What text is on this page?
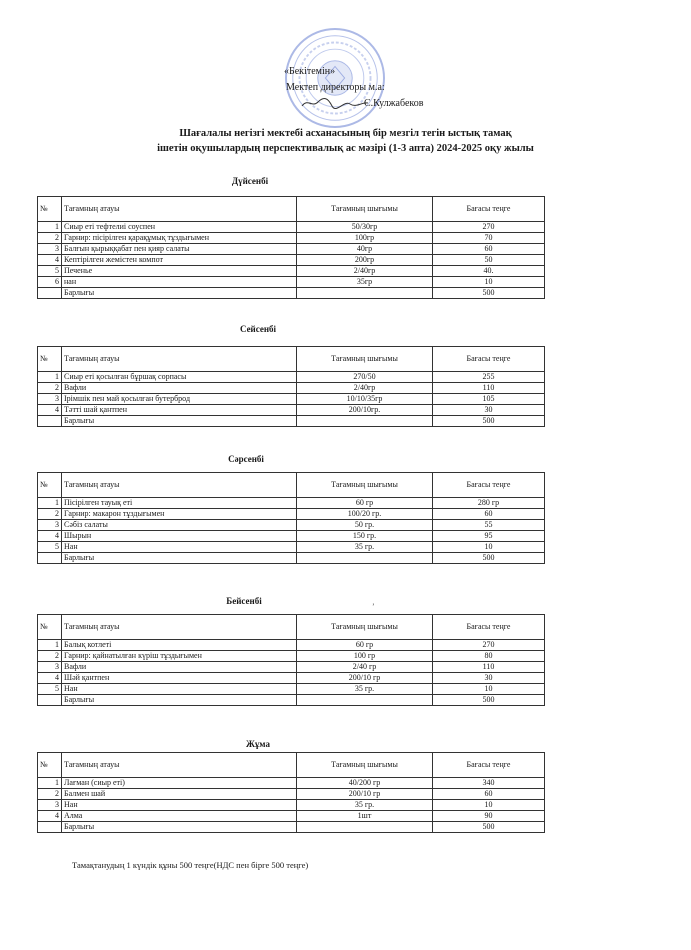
«Бекітемін»
Мектеп директоры м.а:
С.Кулжабеков
Шағалалы негізгі мектебі асханасының бір мезгіл тегін ыстық тамақ
ішетін оқушылардың перспективалық ас мәзірі (1-3 апта) 2024-2025 оқу жылы
Дүйсенбі
№	Тағамның атауы	Тағамның шығымы	Бағасы теңге
1	Сиыр еті тефтелиі соуспен	50/30гр	270
2	Гарнир: пісірілген қарақұмық тұздығымен	100гр	70
3	Балғын қырыққабат пен қияр салаты	40гр	60
4	Кептірілген жемістен компот	200гр	50
5	Печенье	2/40гр	40.
6	нан	35гр	10
	Барлығы		500
Сейсенбі
№	Тағамның атауы	Тағамның шығымы	Бағасы теңге
1	Сиыр еті қосылған бұршақ сорпасы	270/50	255
2	Вафли	2/40гр	110
3	Ірімшік пен май қосылған бутерброд	10/10/35гр	105
4	Тәтті шай қантпен	200/10гр.	30
	Барлығы		500
Сәрсенбі
№	Тағамның атауы	Тағамның шығымы	Бағасы теңге
1	Пісірілген тауық еті	60 гр	280 гр
2	Гарнир: макарон тұздығымен	100/20 гр.	60
3	Сәбіз салаты	50 гр.	55
4	Шырын	150 гр.	95
5	Нан	35 гр.	10
	Барлығы		500
Бейсенбі
ʼ
№	Тағамның атауы	Тағамның шығымы	Бағасы теңге
1	Балық котлеті	60 гр	270
2	Гарнир: қайнатылған күріш тұздығымен	100 гр	80
3	Вафли	2/40 гр	110
4	Шәй қантпен	200/10 гр	30
5	Нан	35 гр.	10
	Барлығы		500
Жұма
№	Тағамның атауы	Тағамның шығымы	Бағасы теңге
1	Лағман (сиыр еті)	40/200 гр	340
2	Балмен шай	200/10 гр	60
3	Нан	35 гр.	10
4	Алма	1шт	90
	Барлығы		500
Тамақтанудың 1 күндік құны 500 теңге(НДС пен бірге 500 теңге)
